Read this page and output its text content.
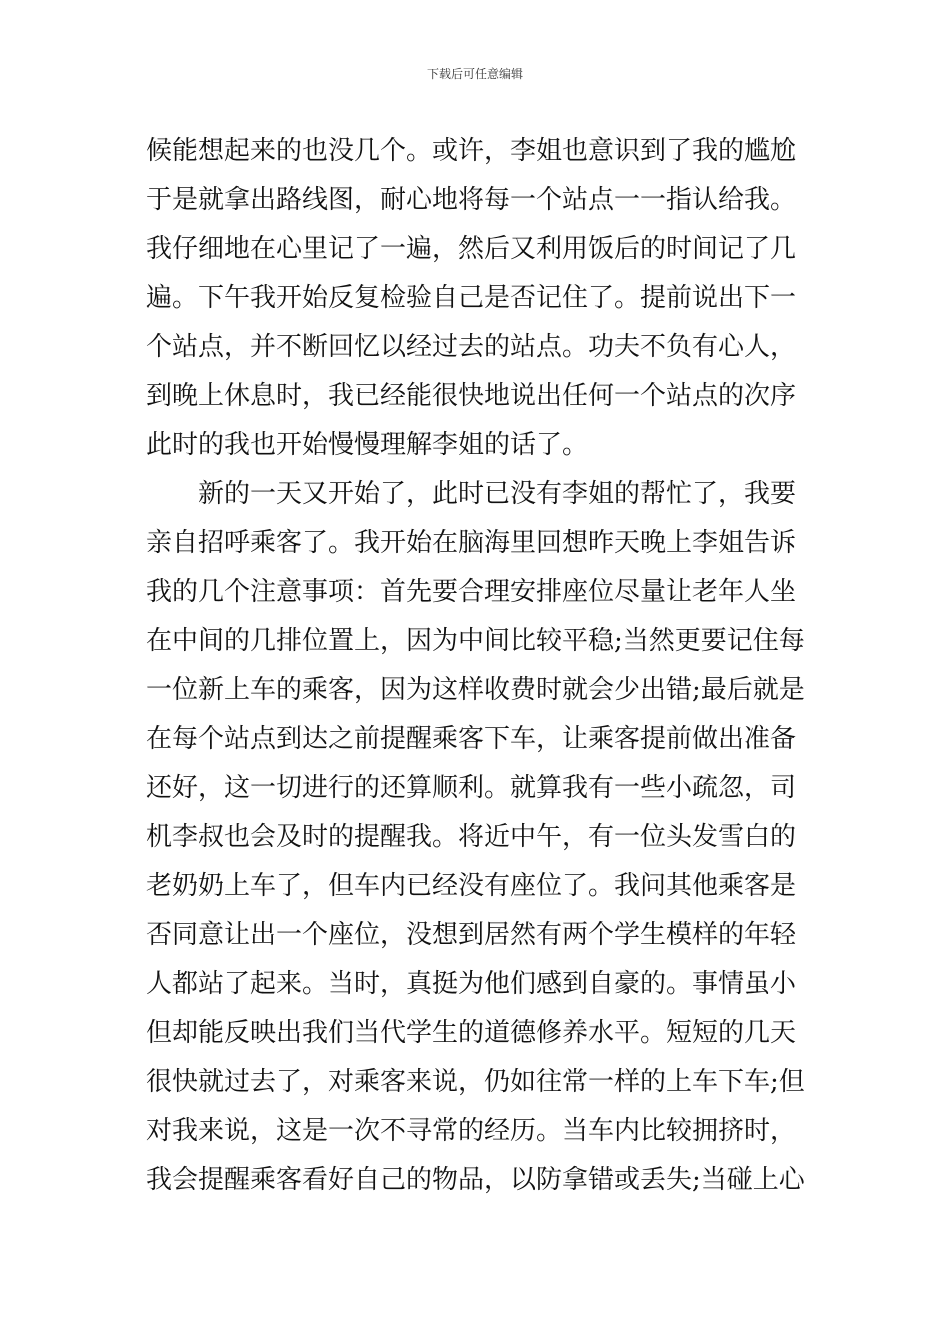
下载后可任意编辑
候能想起来的也没几个。或许，李姐也意识到了我的尴尬
于是就拿出路线图，耐心地将每一个站点一一指认给我。
我仔细地在心里记了一遍，然后又利用饭后的时间记了几
遍。下午我开始反复检验自己是否记住了。提前说出下一
个站点，并不断回忆以经过去的站点。功夫不负有心人，
到晚上休息时，我已经能很快地说出任何一个站点的次序
此时的我也开始慢慢理解李姐的话了。
　　新的一天又开始了，此时已没有李姐的帮忙了，我要
亲自招呼乘客了。我开始在脑海里回想昨天晚上李姐告诉
我的几个注意事项：首先要合理安排座位尽量让老年人坐
在中间的几排位置上，因为中间比较平稳;当然更要记住每
一位新上车的乘客，因为这样收费时就会少出错;最后就是
在每个站点到达之前提醒乘客下车，让乘客提前做出准备
还好，这一切进行的还算顺利。就算我有一些小疏忽，司
机李叔也会及时的提醒我。将近中午，有一位头发雪白的
老奶奶上车了，但车内已经没有座位了。我问其他乘客是
否同意让出一个座位，没想到居然有两个学生模样的年轻
人都站了起来。当时，真挺为他们感到自豪的。事情虽小
但却能反映出我们当代学生的道德修养水平。短短的几天
很快就过去了，对乘客来说，仍如往常一样的上车下车;但
对我来说，这是一次不寻常的经历。当车内比较拥挤时，
我会提醒乘客看好自己的物品，以防拿错或丢失;当碰上心
